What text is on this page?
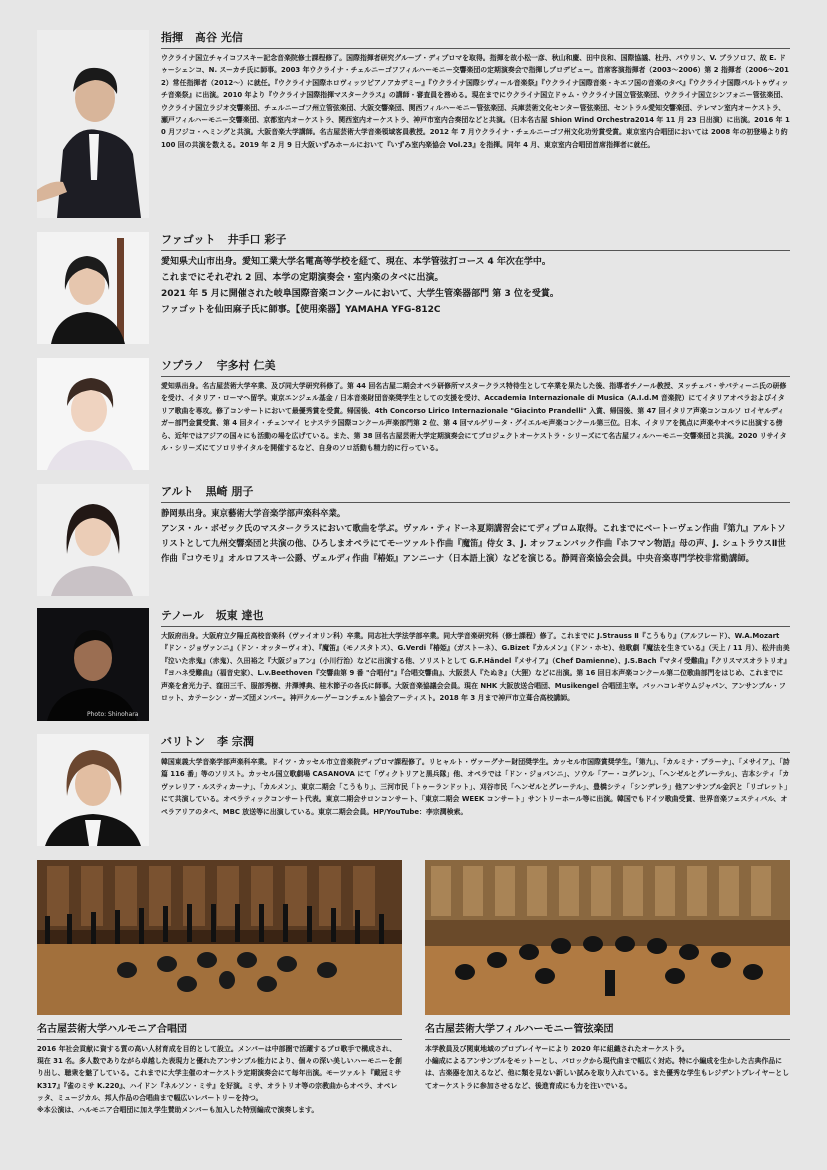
指揮 髙谷 光信

ウクライナ国立チャイコフスキー記念音楽院修士課程修了。国際指揮者研究グループ・ディプロマを取得。指揮を故小松一彦、秋山和慶、田中良和、国際協議、杜丹、パウリン、V. ブラソロフ、故 E. ドゥーシェンコ、N. スーカチ氏に師事。2003 年ウクライナ・チェルニーゴフフィルハーモニー交響楽団の定期演奏会で指揮しプロデビュー。首席客演指揮者（2003～2006）第 2 指揮者（2006～2012）常任指揮者（2012～）に就任。『ウクライナ国際ホロヴィッツピアノアカデミー』『ウクライナ国際シヴィール音楽祭』『ウクライナ国際音楽・キエフ国の音楽のタベ』『ウクライナ国際バルトゥヴィッチ音楽祭』に出演。2010 年より『ウクライナ国際指揮マスタークラス』の講師・審査員を務める。現在までにウクライナ国立ドゥム・ウクライナ国立管弦楽団、ウクライナ国立シンフォニー管弦楽団、ウクライナ国立ラジオ交響楽団、チェルニーゴフ州立管弦楽団、大阪交響楽団、関西フィルハーモニー管弦楽団、兵庫芸術文化センター管弦楽団、セントラル愛知交響楽団、テレマン室内オーケストラ、瀬戸フィルハーモニー交響楽団、京都室内オーケストラ、関西室内オーケストラ、神戸市室内合奏団などと共演。（日本名古屋 Shion Wind Orchestra2014 年 11 月 23 日出演）に出演。2016 年 10 月フジコ・ヘミングと共演。大阪音楽大学講師。名古屋芸術大学音楽領域客員教授。2012 年 7 月ウクライナ・チェルニーゴフ州文化功労賞受賞。東京室内合唱団においては 2008 年の初登場より約 100 回の共演を数える。2019 年 2 月 9 日大阪いずみホールにおいて『いずみ室内楽協会 Vol.23』を指揮。同年 4 月、東京室内合唱団首席指揮者に就任。

ファゴット 井手口 彩子

愛知県犬山市出身。愛知工業大学名電高等学校を経て、現在、本学管弦打コース 4 年次在学中。
これまでにそれぞれ 2 回、本学の定期演奏会・室内楽のタベに出演。
2021 年 5 月に開催された岐阜国際音楽コンクールにおいて、大学生管楽器部門 第 3 位を受賞。
ファゴットを仙田麻子氏に師事。【使用楽器】YAMAHA YFG-812C

ソプラノ 宇多村 仁美

愛知県出身。名古屋芸術大学卒業、及び同大学研究科修了。第 44 回名古屋二期会オペラ研修所マスタークラス特待生として卒業を果たした後、指導者チノール教授、ヌッチェバ・サバティーニ氏の研修を受け、イタリア・ローマへ留学。東京エンジェル基金 / 日本音楽財団音楽奨学生としての支援を受け、Accademia Internazionale di Musica（A.I.d.M 音楽院）にてイタリアオペラおよびイタリア歌曲を専攻。修了コンサートにおいて最優秀賞を受賞。帰国後、4th Concorso Lirico Internazionale "Giacinto Prandelli" 入賞、帰国後、第 47 回イタリア声楽コンコルソ ロイヤルディガー部門金賞受賞、第 4 回タイ・チェンマイ ヒナステラ国際コンクール声楽部門第 2 位、第 4 回マルゲリータ・グイエルモ声楽コンクール第三位。日本、イタリアを拠点に声楽やオペラに出演する傍ら、近年ではアジアの国々にも活動の場を広げている。また、第 38 回名古屋芸術大学定期演奏会にてプロジェクトオーケストラ・シリーズにて名古屋フィルハーモニー交響楽団と共演。2020 リサイタル・シリーズにてソロリサイタルを開催するなど、自身のソロ活動も精力的に行っている。

アルト 黒崎 朋子

静岡県出身。東京藝術大学音楽学部声楽科卒業。
アンヌ・ル・ボゼック氏のマスタークラスにおいて歌曲を学ぶ。ヴァル・ティドーネ夏期講習会にてディプロム取得。これまでにベートーヴェン作曲『第九』アルトソリストとして九州交響楽団と共演の他、ひろしまオペラにてモーツァルト作曲『魔笛』侍女 3、J. オッフェンバック作曲『ホフマン物語』母の声、J. シュトラウスⅡ世作曲『コウモリ』オルロフスキー公爵、ヴェルディ作曲『椿姫』アンニーナ（日本語上演）などを演じる。静岡音楽協会会員。中央音楽専門学校非常勤講師。

Photo: Shinohara
テノール 坂東 達也

大阪府出身。大阪府立夕陽丘高校音楽科（ヴァイオリン科）卒業。同志社大学法学部卒業。同大学音楽研究科（修士課程）修了。これまでに J.Strauss Ⅱ『こうもり』（アルフレード）、W.A.Mozart『ドン・ジョヴァンニ』（ドン・オッターヴィオ）、『魔笛』（モノスタトス）、G.Verdi『椿姫』（ガストーネ）、G.Bizet『カルメン』（ドン・ホセ）、他歌劇『魔法を生きている』（天上 / 11 月）、松井由美『泣いた赤鬼』（赤鬼）、久田裕之『大阪ジョアン』（小川行治）などに出演する他、ソリストとして G.F.Händel『メサイア』（Chef Damienne）、J.S.Bach『マタイ受難曲』『クリスマスオラトリオ』『ヨハネ受難曲』（福音史家）、L.v.Beethoven『交響曲第 9 番 "合唱付"』『合唱交響曲』、大阪芸人『たぬき』（大狸）などに出演。第 16 回日本声楽コンクール第二位歌曲部門をはじめ、これまでに声楽を倉光力子、窪田三千、服部秀樹、井澤博典、桂木節子の各氏に師事。大阪音楽協議会会員。現在 NHK 大阪放送合唱団、Musikengel 合唱団主宰。バッハコレギウムジャパン、アンサンブル・フロット、カテーシン・ガーズ団メンバー。神戸クルーゲーコンチェルト協会アーティスト。2018 年 3 月まで神戸市立葺合高校講師。

バリトン 李 宗潤

韓国東義大学音楽学部声楽科卒業。ドイツ・カッセル市立音楽院ディプロマ課程修了。リヒャルト・ヴァーグナー財団奨学生。カッセル市国際賞奨学生。「第九」、「カルミナ・ブラーナ」、「メサイア」、「詩篇 116 番」等のソリスト。カッセル国立歌劇場 CASANOVA にて「ヴィクトリアと黒兵隊」他、オペラでは「ドン・ジョバンニ」、ソウル「アー・コグレン」、「ヘンゼルとグレーテル」、吉本シティ「カヴァレリア・ルスティカーナ」、「カルメン」、東京二期会「こうもり」、三河市民「トゥーランドット」、刈谷市民「ヘンゼルとグレーテル」、豊橋シティ「シンデレラ」他アンサンブル金沢と「リゴレット」にて共演している。オペラティックコンサート代表。東京二期会サロンコンサート、「東京二期会 WEEK コンサート」サントリーホール等に出演。韓国でもドイツ歌曲受賞、世界音楽フェスティバル、オペラアリアのタベ、MBC 放送等に出演している。東京二期会会員。HP/YouTube：李宗潤検索。

名古屋芸術大学ハルモニア合唱団

2016 年社会貢献に資する質の高い人材育成を目的として設立。メンバーは中部圏で活躍するプロ歌手で構成され、現在 31 名。多人数でありながら卓越した表現力と優れたアンサンブル能力により、個々の深い美しいハーモニーを創り出し、聴衆を魅了している。これまでに大学主催のオーケストラ定期演奏会にて毎年出演。モーツァルト『戴冠ミサ K317』『雀のミサ K.220』、ハイドン『ネルソン・ミサ』を好演。ミサ、オラトリオ等の宗教曲からオペラ、オペレッタ、ミュージカル、邦人作品の合唱曲まで幅広いレパートリーを持つ。
※本公演は、ハルモニア合唱団に加え学生賛助メンバーも加入した特別編成で演奏します。

名古屋芸術大学フィルハーモニー管弦楽団

本学教員及び関東地域のプロプレイヤーにより 2020 年に組織されたオーケストラ。
小編成によるアンサンブルをモットーとし、バロックから現代曲まで幅広く対応。特に小編成を生かした古典作品には、古楽器を加えるなど、他に類を見ない新しい試みを取り入れている。また優秀な学生もレジデントプレイヤーとしてオーケストラに参加させるなど、後進育成にも力を注いでいる。
